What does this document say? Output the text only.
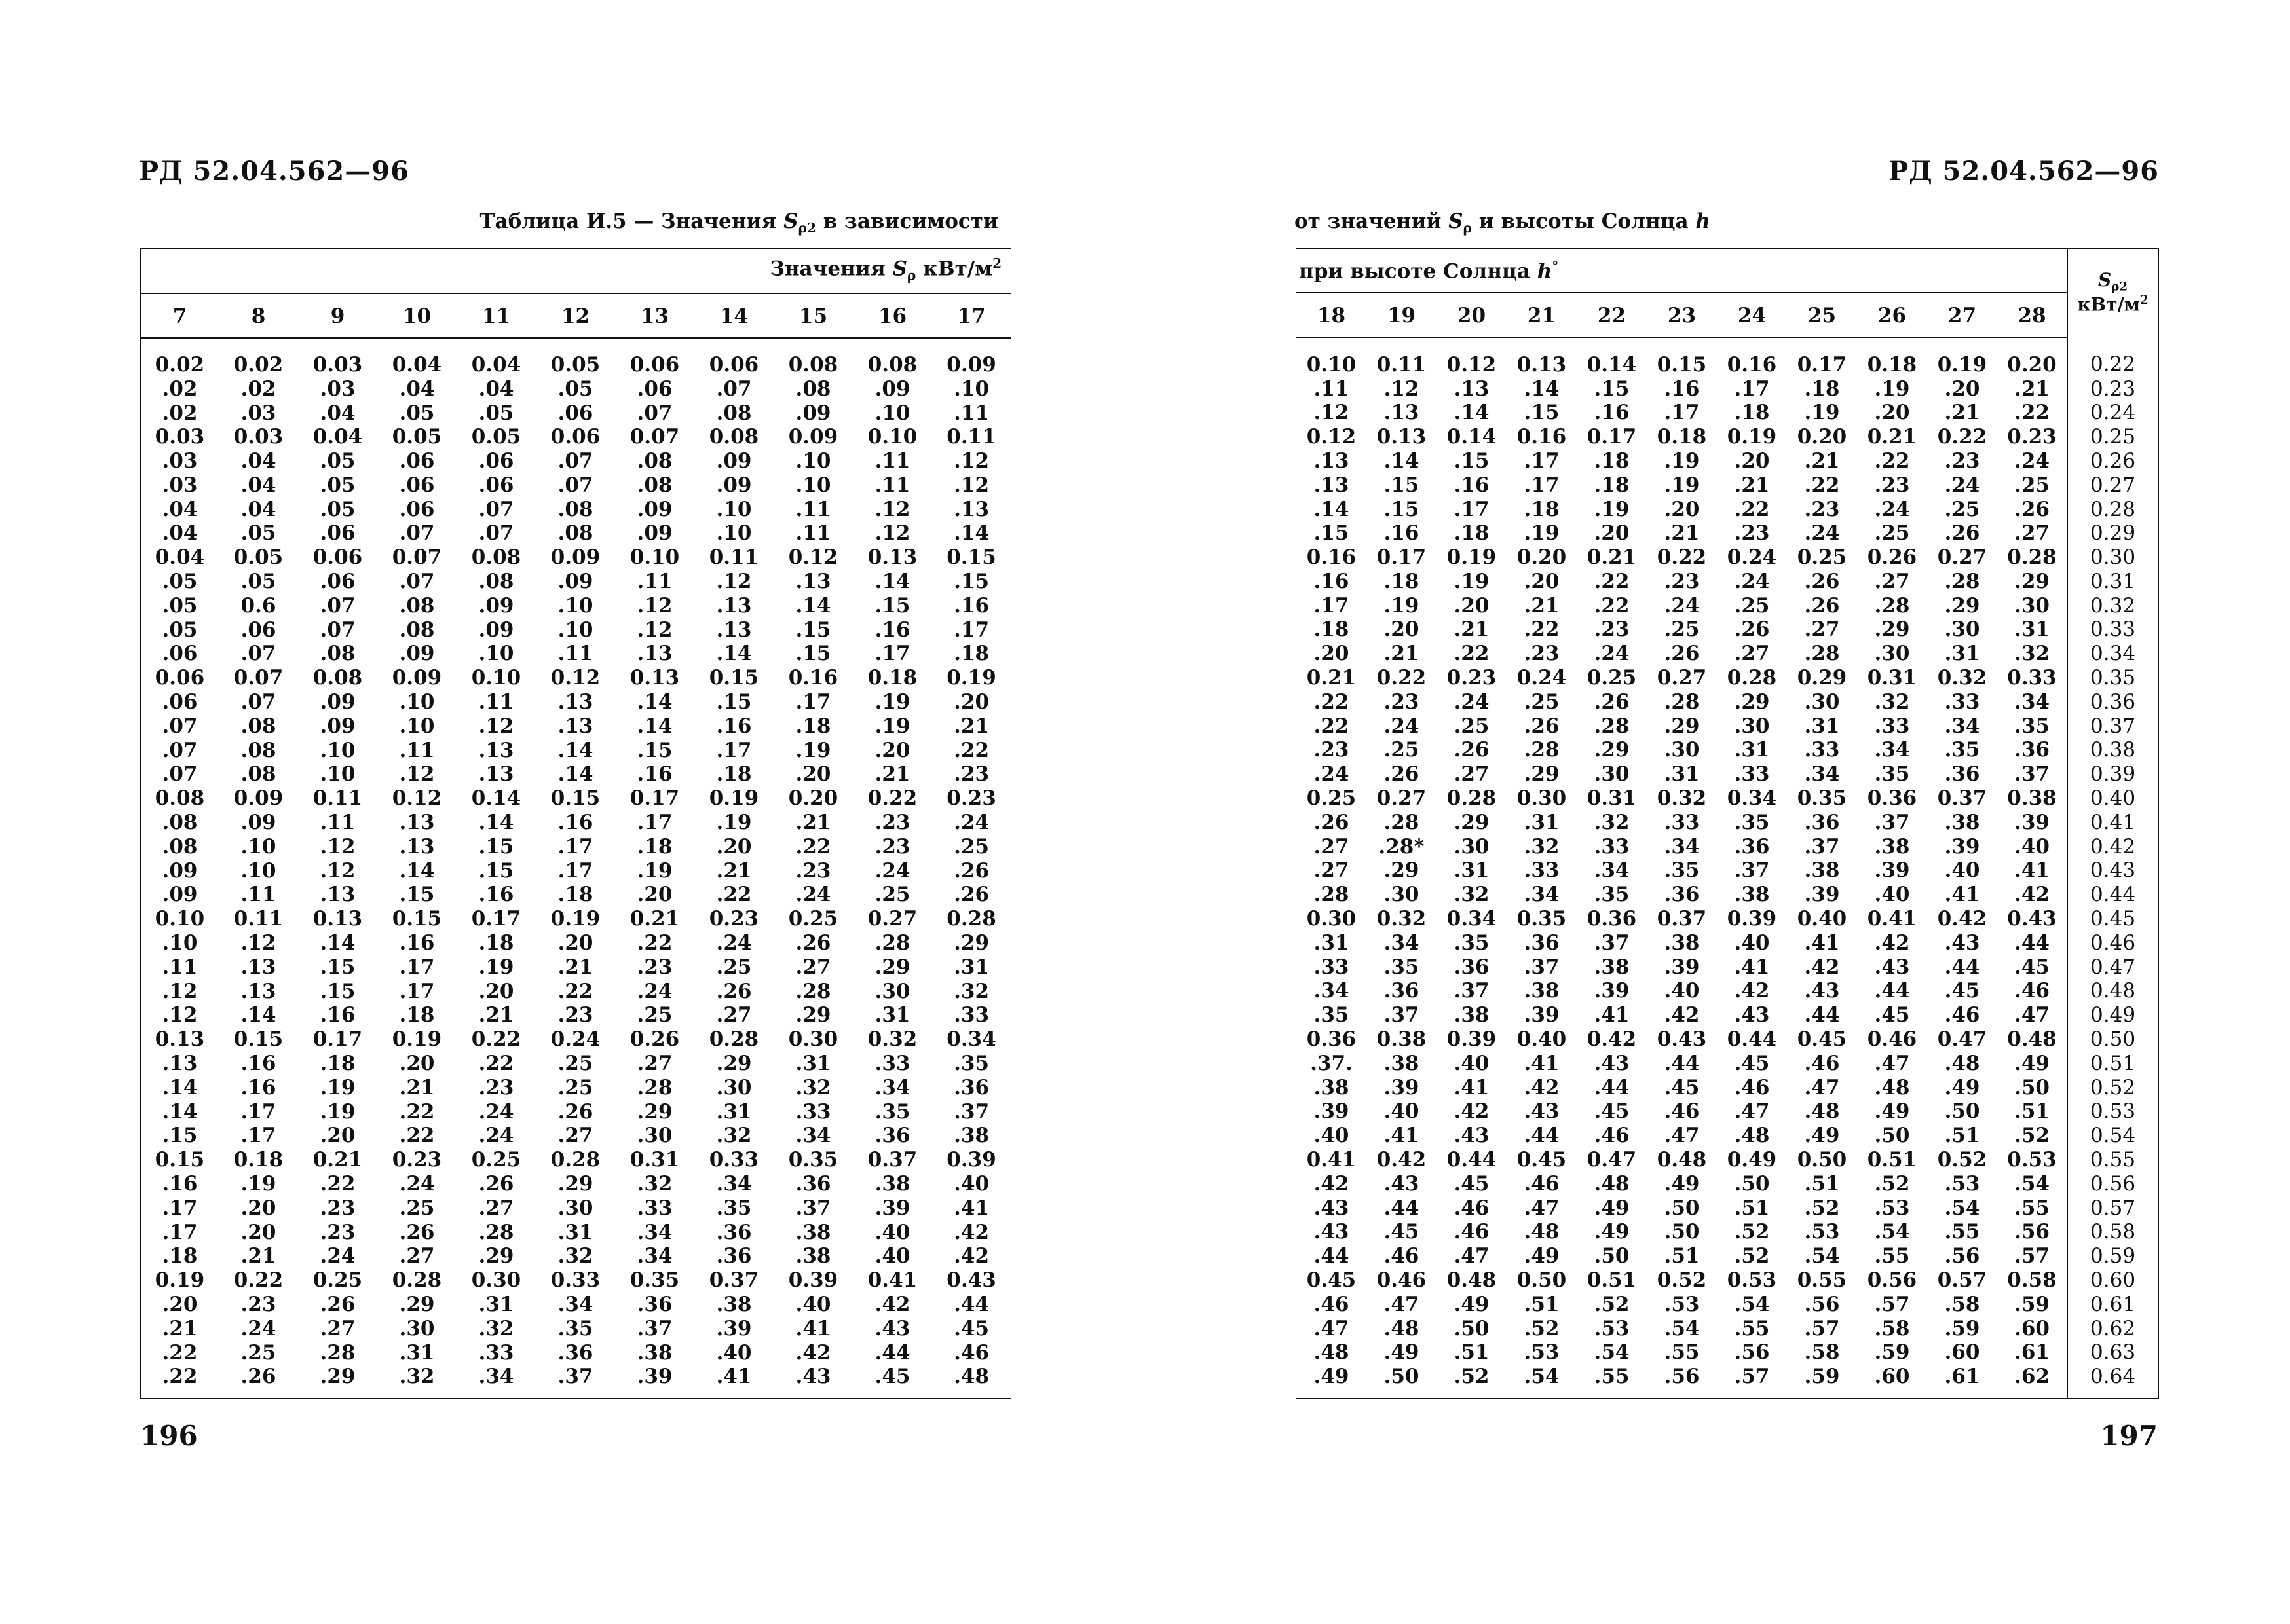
РД 52.04.562—96
Таблица И.5 — Значения $S_{\rho 2}$ в зависимости
Значения $S_\rho$ кВт/$м^2$
7	8	9	10	11	12	13	14	15	16	17
0.02	0.02	0.03	0.04	0.04	0.05	0.06	0.06	0.08	0.08	0.09
.02	.02	.03	.04	.04	.05	.06	.07	.08	.09	.10
.02	.03	.04	.05	.05	.06	.07	.08	.09	.10	.11
0.03	0.03	0.04	0.05	0.05	0.06	0.07	0.08	0.09	0.10	0.11
.03	.04	.05	.06	.06	.07	.08	.09	.10	.11	.12
.03	.04	.05	.06	.06	.07	.08	.09	.10	.11	.12
.04	.04	.05	.06	.07	.08	.09	.10	.11	.12	.13
.04	.05	.06	.07	.07	.08	.09	.10	.11	.12	.14
0.04	0.05	0.06	0.07	0.08	0.09	0.10	0.11	0.12	0.13	0.15
.05	.05	.06	.07	.08	.09	.11	.12	.13	.14	.15
.05	0.6	.07	.08	.09	.10	.12	.13	.14	.15	.16
.05	.06	.07	.08	.09	.10	.12	.13	.15	.16	.17
.06	.07	.08	.09	.10	.11	.13	.14	.15	.17	.18
0.06	0.07	0.08	0.09	0.10	0.12	0.13	0.15	0.16	0.18	0.19
.06	.07	.09	.10	.11	.13	.14	.15	.17	.19	.20
.07	.08	.09	.10	.12	.13	.14	.16	.18	.19	.21
.07	.08	.10	.11	.13	.14	.15	.17	.19	.20	.22
.07	.08	.10	.12	.13	.14	.16	.18	.20	.21	.23
0.08	0.09	0.11	0.12	0.14	0.15	0.17	0.19	0.20	0.22	0.23
.08	.09	.11	.13	.14	.16	.17	.19	.21	.23	.24
.08	.10	.12	.13	.15	.17	.18	.20	.22	.23	.25
.09	.10	.12	.14	.15	.17	.19	.21	.23	.24	.26
.09	.11	.13	.15	.16	.18	.20	.22	.24	.25	.26
0.10	0.11	0.13	0.15	0.17	0.19	0.21	0.23	0.25	0.27	0.28
.10	.12	.14	.16	.18	.20	.22	.24	.26	.28	.29
.11	.13	.15	.17	.19	.21	.23	.25	.27	.29	.31
.12	.13	.15	.17	.20	.22	.24	.26	.28	.30	.32
.12	.14	.16	.18	.21	.23	.25	.27	.29	.31	.33
0.13	0.15	0.17	0.19	0.22	0.24	0.26	0.28	0.30	0.32	0.34
.13	.16	.18	.20	.22	.25	.27	.29	.31	.33	.35
.14	.16	.19	.21	.23	.25	.28	.30	.32	.34	.36
.14	.17	.19	.22	.24	.26	.29	.31	.33	.35	.37
.15	.17	.20	.22	.24	.27	.30	.32	.34	.36	.38
0.15	0.18	0.21	0.23	0.25	0.28	0.31	0.33	0.35	0.37	0.39
.16	.19	.22	.24	.26	.29	.32	.34	.36	.38	.40
.17	.20	.23	.25	.27	.30	.33	.35	.37	.39	.41
.17	.20	.23	.26	.28	.31	.34	.36	.38	.40	.42
.18	.21	.24	.27	.29	.32	.34	.36	.38	.40	.42
0.19	0.22	0.25	0.28	0.30	0.33	0.35	0.37	0.39	0.41	0.43
.20	.23	.26	.29	.31	.34	.36	.38	.40	.42	.44
.21	.24	.27	.30	.32	.35	.37	.39	.41	.43	.45
.22	.25	.28	.31	.33	.36	.38	.40	.42	.44	.46
.22	.26	.29	.32	.34	.37	.39	.41	.43	.45	.48
196
РД 52.04.562—96
от значений $S_\rho$ и высоты Солнца h
при высоте Солнца h°											$S_{\rho 2}$
кВт/$м^2$

18	19	20	21	22	23	24	25	26	27	28	
0.10	0.11	0.12	0.13	0.14	0.15	0.16	0.17	0.18	0.19	0.20	0.22
.11	.12	.13	.14	.15	.16	.17	.18	.19	.20	.21	0.23
.12	.13	.14	.15	.16	.17	.18	.19	.20	.21	.22	0.24
0.12	0.13	0.14	0.16	0.17	0.18	0.19	0.20	0.21	0.22	0.23	0.25
.13	.14	.15	.17	.18	.19	.20	.21	.22	.23	.24	0.26
.13	.15	.16	.17	.18	.19	.21	.22	.23	.24	.25	0.27
.14	.15	.17	.18	.19	.20	.22	.23	.24	.25	.26	0.28
.15	.16	.18	.19	.20	.21	.23	.24	.25	.26	.27	0.29
0.16	0.17	0.19	0.20	0.21	0.22	0.24	0.25	0.26	0.27	0.28	0.30
.16	.18	.19	.20	.22	.23	.24	.26	.27	.28	.29	0.31
.17	.19	.20	.21	.22	.24	.25	.26	.28	.29	.30	0.32
.18	.20	.21	.22	.23	.25	.26	.27	.29	.30	.31	0.33
.20	.21	.22	.23	.24	.26	.27	.28	.30	.31	.32	0.34
0.21	0.22	0.23	0.24	0.25	0.27	0.28	0.29	0.31	0.32	0.33	0.35
.22	.23	.24	.25	.26	.28	.29	.30	.32	.33	.34	0.36
.22	.24	.25	.26	.28	.29	.30	.31	.33	.34	.35	0.37
.23	.25	.26	.28	.29	.30	.31	.33	.34	.35	.36	0.38
.24	.26	.27	.29	.30	.31	.33	.34	.35	.36	.37	0.39
0.25	0.27	0.28	0.30	0.31	0.32	0.34	0.35	0.36	0.37	0.38	0.40
.26	.28	.29	.31	.32	.33	.35	.36	.37	.38	.39	0.41
.27	.28*	.30	.32	.33	.34	.36	.37	.38	.39	.40	0.42
.27	.29	.31	.33	.34	.35	.37	.38	.39	.40	.41	0.43
.28	.30	.32	.34	.35	.36	.38	.39	.40	.41	.42	0.44
0.30	0.32	0.34	0.35	0.36	0.37	0.39	0.40	0.41	0.42	0.43	0.45
.31	.34	.35	.36	.37	.38	.40	.41	.42	.43	.44	0.46
.33	.35	.36	.37	.38	.39	.41	.42	.43	.44	.45	0.47
.34	.36	.37	.38	.39	.40	.42	.43	.44	.45	.46	0.48
.35	.37	.38	.39	.41	.42	.43	.44	.45	.46	.47	0.49
0.36	0.38	0.39	0.40	0.42	0.43	0.44	0.45	0.46	0.47	0.48	0.50
.37.	.38	.40	.41	.43	.44	.45	.46	.47	.48	.49	0.51
.38	.39	.41	.42	.44	.45	.46	.47	.48	.49	.50	0.52
.39	.40	.42	.43	.45	.46	.47	.48	.49	.50	.51	0.53
.40	.41	.43	.44	.46	.47	.48	.49	.50	.51	.52	0.54
0.41	0.42	0.44	0.45	0.47	0.48	0.49	0.50	0.51	0.52	0.53	0.55
.42	.43	.45	.46	.48	.49	.50	.51	.52	.53	.54	0.56
.43	.44	.46	.47	.49	.50	.51	.52	.53	.54	.55	0.57
.43	.45	.46	.48	.49	.50	.52	.53	.54	.55	.56	0.58
.44	.46	.47	.49	.50	.51	.52	.54	.55	.56	.57	0.59
0.45	0.46	0.48	0.50	0.51	0.52	0.53	0.55	0.56	0.57	0.58	0.60
.46	.47	.49	.51	.52	.53	.54	.56	.57	.58	.59	0.61
.47	.48	.50	.52	.53	.54	.55	.57	.58	.59	.60	0.62
.48	.49	.51	.53	.54	.55	.56	.58	.59	.60	.61	0.63
.49	.50	.52	.54	.55	.56	.57	.59	.60	.61	.62	0.64
197
